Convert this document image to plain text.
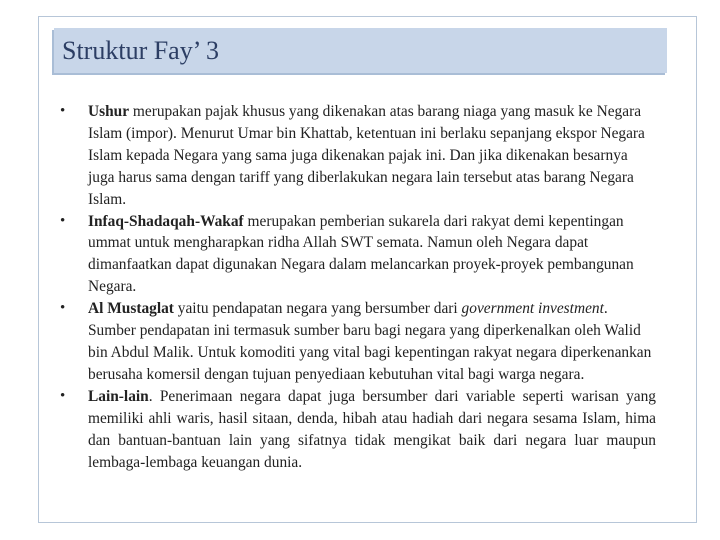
Struktur Fay’ 3
• Ushur merupakan pajak khusus yang dikenakan atas barang niaga yang masuk ke Negara Islam (impor). Menurut Umar bin Khattab, ketentuan ini berlaku sepanjang ekspor Negara Islam kepada Negara yang sama juga dikenakan pajak ini. Dan jika dikenakan besarnya juga harus sama dengan tariff yang diberlakukan negara lain tersebut atas barang Negara Islam.
• Infaq-Shadaqah-Wakaf merupakan pemberian sukarela dari rakyat demi kepentingan ummat untuk mengharapkan ridha Allah SWT semata. Namun oleh Negara dapat dimanfaatkan dapat digunakan Negara dalam melancarkan proyek-proyek pembangunan Negara.
• Al Mustaglat yaitu pendapatan negara yang bersumber dari government investment. Sumber pendapatan ini termasuk sumber baru bagi negara yang diperkenalkan oleh Walid bin Abdul Malik. Untuk komoditi yang vital bagi kepentingan rakyat negara diperkenankan berusaha komersil dengan tujuan penyediaan kebutuhan vital bagi warga negara.
• Lain-lain. Penerimaan negara dapat juga bersumber dari variable seperti warisan yang memiliki ahli waris, hasil sitaan, denda, hibah atau hadiah dari negara sesama Islam, hima dan bantuan-bantuan lain yang sifatnya tidak mengikat baik dari negara luar maupun lembaga-lembaga keuangan dunia.
